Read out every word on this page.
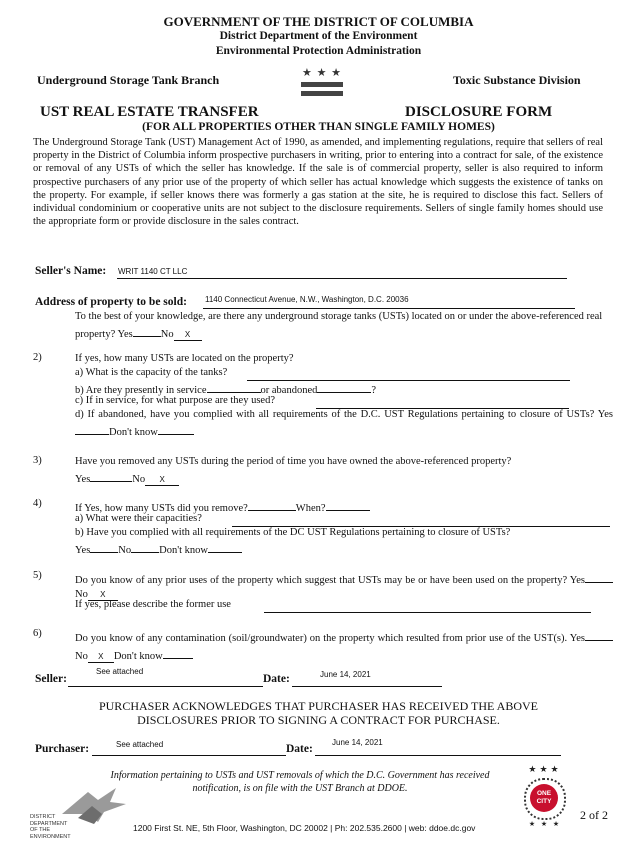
GOVERNMENT OF THE DISTRICT OF COLUMBIA
District Department of the Environment
Environmental Protection Administration
Underground Storage Tank Branch	Toxic Substance Division
★ ★ ★
UST REAL ESTATE TRANSFER	DISCLOSURE FORM
(FOR ALL PROPERTIES OTHER THAN SINGLE FAMILY HOMES)

The Underground Storage Tank (UST) Management Act of 1990, as amended, and implementing regulations, require that sellers of real property in the District of Columbia inform prospective purchasers in writing, prior to entering into a contract for sale, of the existence or removal of any USTs of which the seller has knowledge. If the sale is of commercial property, seller is also required to inform prospective purchasers of any prior use of the property of which seller has actual knowledge which suggests the existence of tanks on the property. For example, if seller knows there was formerly a gas station at the site, he is required to disclose this fact. Sellers of individual condominium or cooperative units are not subject to the disclosure requirements. Sellers of single family homes should use the appropriate form or provide disclosure in the sales contract.

Seller's Name: WRIT 1140 CT LLC
Address of property to be sold: 1140 Connecticut Avenue, N.W., Washington, D.C. 20036

To the best of your knowledge, are there any underground storage tanks (USTs) located on or under the above-referenced real property? Yes	No X

2)	If yes, how many USTs are located on the property?
a) What is the capacity of the tanks?
b) Are they presently in service	or abandoned	?
c) If in service, for what purpose are they used?

d) If abandoned, have you complied with all requirements of the D.C. UST Regulations pertaining to closure of USTs? YesDon't know

3)	Have you removed any USTs during the period of time you have owned the above-referenced property?
Yes	No X
4)	If Yes, how many USTs did you remove?	When?
a) What were their capacities?
b) Have you complied with all requirements of the DC UST Regulations pertaining to closure of USTs?
Yes	No	Don't know
5)	Do you know of any prior uses of the property which suggest that USTs may be or have been used on the property? YesNo X

If yes, please describe the former use
6)	Do you know of any contamination (soil/groundwater) on the property which resulted from prior use of the UST(s). YesNo X Don't know

Seller:
See attached
Date:	June 14, 2021
PURCHASER ACKNOWLEDGES THAT PURCHASER HAS RECEIVED THE ABOVE
DISCLOSURES PRIOR TO SIGNING A CONTRACT FOR PURCHASE.
Purchaser:	See attached	Date:
June 14, 2021
Information pertaining to USTs and UST removals of which the D.C. Government has received
notification, is on file with the UST Branch at DDOE.
DISTRICT DEPARTMENT OF THE ENVIRONMENT
1200 First St. NE, 5th Floor, Washington, DC 20002 | Ph: 202.535.2600 | web: ddoe.dc.gov
★★★
ONE CITY
★ ★ ★
2 of 2
